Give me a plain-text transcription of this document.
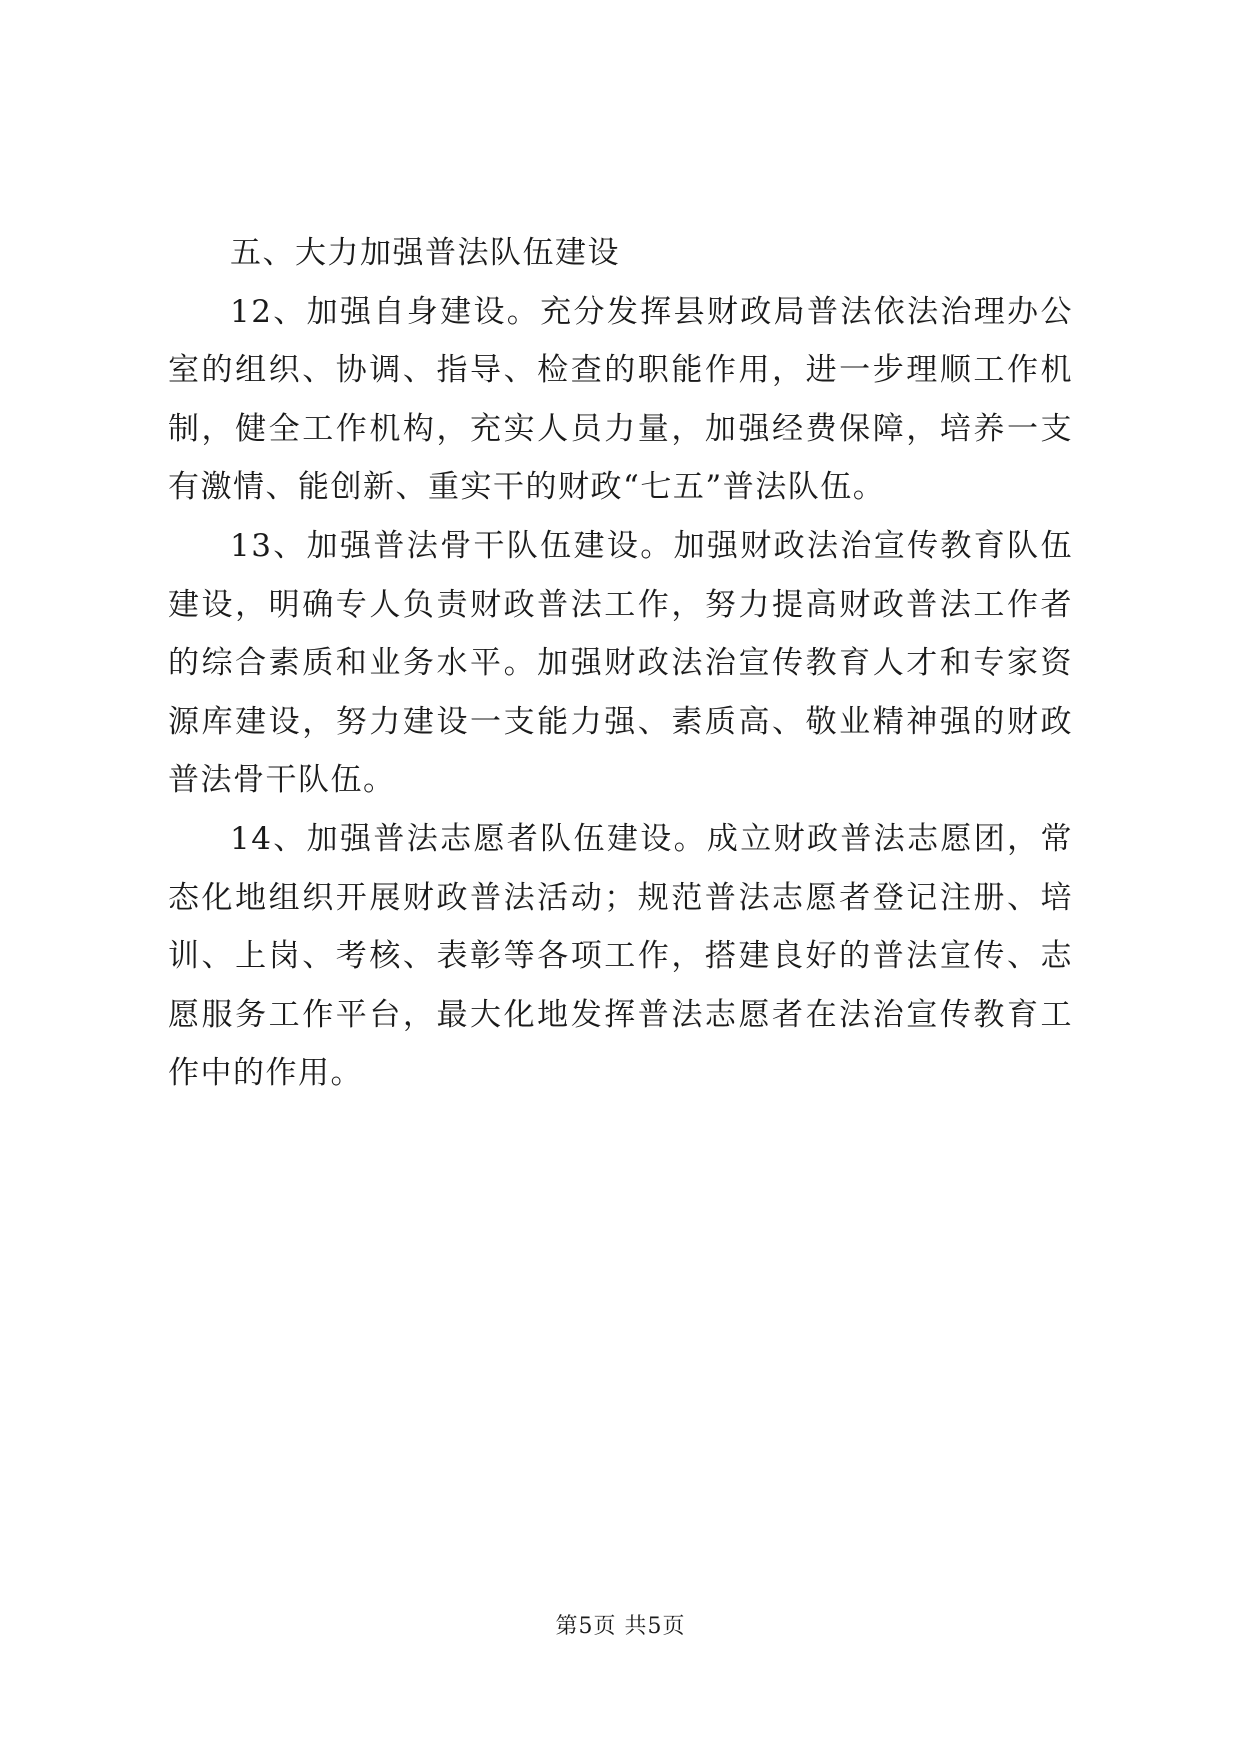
五、大力加强普法队伍建设

12、加强自身建设。充分发挥县财政局普法依法治理办公室的组织、协调、指导、检查的职能作用，进一步理顺工作机制，健全工作机构，充实人员力量，加强经费保障，培养一支有激情、能创新、重实干的财政“七五”普法队伍。

13、加强普法骨干队伍建设。加强财政法治宣传教育队伍建设，明确专人负责财政普法工作，努力提高财政普法工作者的综合素质和业务水平。加强财政法治宣传教育人才和专家资源库建设，努力建设一支能力强、素质高、敬业精神强的财政普法骨干队伍。

14、加强普法志愿者队伍建设。成立财政普法志愿团，常态化地组织开展财政普法活动；规范普法志愿者登记注册、培训、上岗、考核、表彰等各项工作，搭建良好的普法宣传、志愿服务工作平台，最大化地发挥普法志愿者在法治宣传教育工作中的作用。

第5页 共5页
